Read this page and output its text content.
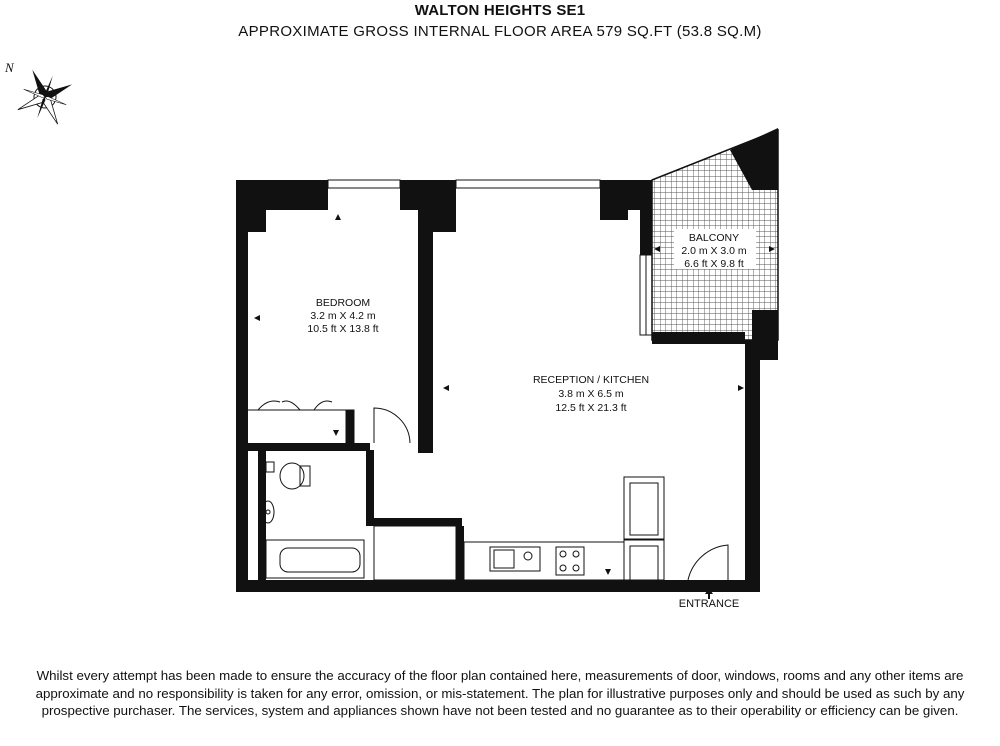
WALTON HEIGHTS SE1
APPROXIMATE GROSS INTERNAL FLOOR AREA 579 SQ.FT (53.8 SQ.M)
N
BEDROOM
3.2 m X 4.2 m
10.5 ft X 13.8 ft
BALCONY
2.0 m X 3.0 m
6.6 ft X 9.8 ft
RECEPTION / KITCHEN
3.8 m X 6.5 m
12.5 ft X 21.3 ft
ENTRANCE
Whilst every attempt has been made to ensure the accuracy of the floor plan contained here, measurements of door, windows, rooms and any other items are approximate and no responsibility is taken for any error, omission, or mis-statement. The plan for illustrative purposes only and should be used as such by any prospective purchaser. The services, system and appliances shown have not been tested and no guarantee as to their operability or efficiency can be given.
